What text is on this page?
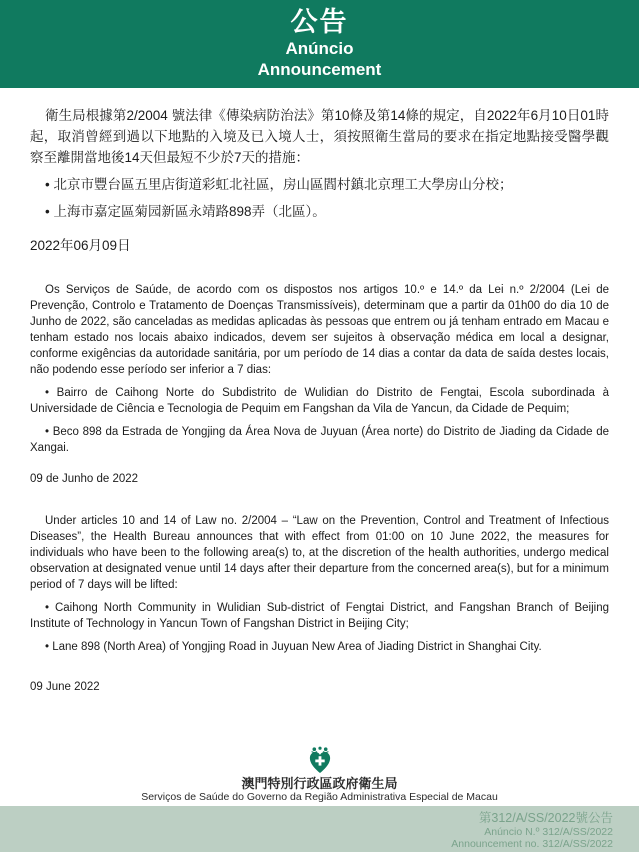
公告
Anúncio
Announcement

衛生局根據第2/2004 號法律《傳染病防治法》第10條及第14條的規定，自2022年6月10日01時起，取消曾經到過以下地點的入境及已入境人士，須按照衛生當局的要求在指定地點接受醫學觀察至離開當地後14天但最短不少於7天的措施：

• 北京市豐台區五里店街道彩虹北社區，房山區閻村鎮北京理工大學房山分校；

• 上海市嘉定區菊园新區永靖路898弄（北區）。

2022年06月09日

Os Serviços de Saúde, de acordo com os dispostos nos artigos 10.º e 14.º da Lei n.º 2/2004 (Lei de Prevenção, Controlo e Tratamento de Doenças Transmissíveis), determinam que a partir da 01h00 do dia 10 de Junho de 2022, são canceladas as medidas aplicadas às pessoas que entrem ou já tenham entrado em Macau e tenham estado nos locais abaixo indicados, devem ser sujeitos à observação médica em local a designar, conforme exigências da autoridade sanitária, por um período de 14 dias a contar da data de saída destes locais, não podendo esse período ser inferior a 7 dias:

• Bairro de Caihong Norte do Subdistrito de Wulidian do Distrito de Fengtai, Escola subordinada à Universidade de Ciência e Tecnologia de Pequim em Fangshan da Vila de Yancun, da Cidade de Pequim;

• Beco 898 da Estrada de Yongjing da Área Nova de Juyuan (Área norte) do Distrito de Jiading da Cidade de Xangai.

09 de Junho de 2022

Under articles 10 and 14 of Law no. 2/2004 – “Law on the Prevention, Control and Treatment of Infectious Diseases”, the Health Bureau announces that with effect from 01:00 on 10 June 2022, the measures for individuals who have been to the following area(s) to, at the discretion of the health authorities, undergo medical observation at designated venue until 14 days after their departure from the concerned area(s), but for a minimum period of 7 days will be lifted:

• Caihong North Community in Wulidian Sub-district of Fengtai District, and Fangshan Branch of Beijing Institute of Technology in Yancun Town of Fangshan District in Beijing City;

• Lane 898 (North Area) of Yongjing Road in Juyuan New Area of Jiading District in Shanghai City.

09 June 2022

澳門特別行政區政府衛生局
Serviços de Saúde do Governo da Região Administrativa Especial de Macau
第312/A/SS/2022號公告
Anúncio N.º 312/A/SS/2022
Announcement no. 312/A/SS/2022
